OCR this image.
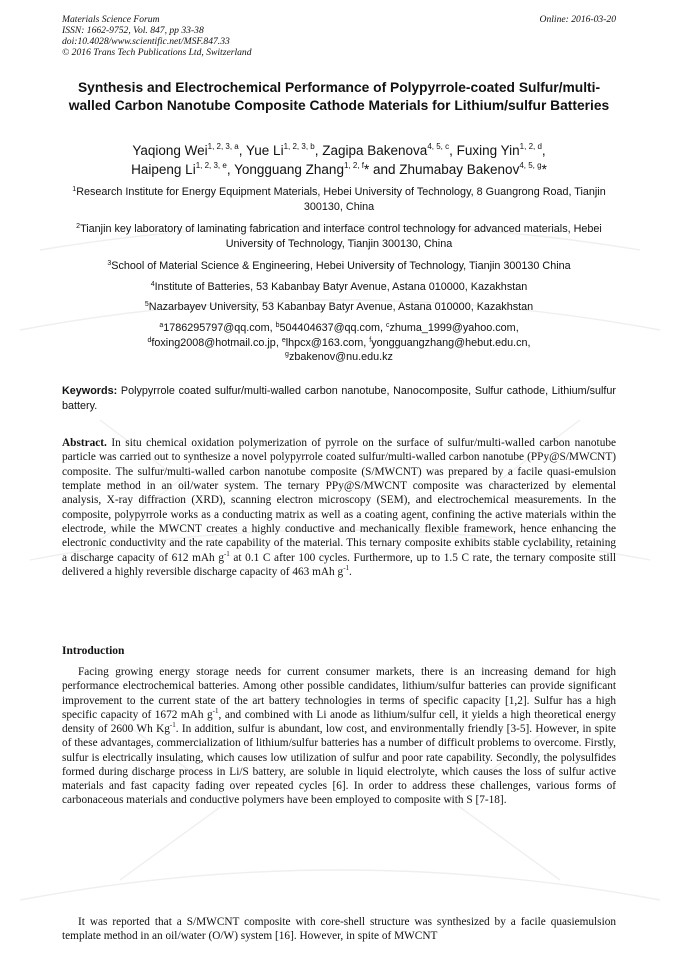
Materials Science Forum
ISSN: 1662-9752, Vol. 847, pp 33-38
doi:10.4028/www.scientific.net/MSF.847.33
© 2016 Trans Tech Publications Ltd, Switzerland
Online: 2016-03-20
Synthesis and Electrochemical Performance of Polypyrrole-coated Sulfur/multi-walled Carbon Nanotube Composite Cathode Materials for Lithium/sulfur Batteries
Yaqiong Wei$^{1, 2, 3, a}$, Yue Li$^{1, 2, 3, b}$, Zagipa Bakenova$^{4, 5, c}$, Fuxing Yin$^{1, 2, d}$,
Haipeng Li$^{1, 2, 3, e}$, Yongguang Zhang$^{1, 2, f}$* and Zhumabay Bakenov$^{4, 5, g}$*
$^1$Research Institute for Energy Equipment Materials, Hebei University of Technology, 8 Guangrong Road, Tianjin 300130, China
$^2$Tianjin key laboratory of laminating fabrication and interface control technology for advanced materials, Hebei University of Technology, Tianjin 300130, China
$^3$School of Material Science & Engineering, Hebei University of Technology, Tianjin 300130 China
$^4$Institute of Batteries, 53 Kabanbay Batyr Avenue, Astana 010000, Kazakhstan
$^5$Nazarbayev University, 53 Kabanbay Batyr Avenue, Astana 010000, Kazakhstan
$^a$1786295797@qq.com, $^b$504404637@qq.com, $^c$zhuma_1999@yahoo.com,
$^d$foxing2008@hotmail.co.jp, $^e$lhpcx@163.com, $^f$yongguangzhang@hebut.edu.cn,
$^g$zbakenov@nu.edu.kz
Keywords: Polypyrrole coated sulfur/multi-walled carbon nanotube, Nanocomposite, Sulfur cathode, Lithium/sulfur battery.
Abstract. In situ chemical oxidation polymerization of pyrrole on the surface of sulfur/multi-walled carbon nanotube particle was carried out to synthesize a novel polypyrrole coated sulfur/multi-walled carbon nanotube (PPy@S/MWCNT) composite. The sulfur/multi-walled carbon nanotube composite (S/MWCNT) was prepared by a facile quasi-emulsion template method in an oil/water system. The ternary PPy@S/MWCNT composite was characterized by elemental analysis, X-ray diffraction (XRD), scanning electron microscopy (SEM), and electrochemical measurements. In the composite, polypyrrole works as a conducting matrix as well as a coating agent, confining the active materials within the electrode, while the MWCNT creates a highly conductive and mechanically flexible framework, hence enhancing the electronic conductivity and the rate capability of the material. This ternary composite exhibits stable cyclability, retaining a discharge capacity of 612 mAh $g^{-1}$ at 0.1 C after 100 cycles. Furthermore, up to 1.5 C rate, the ternary composite still delivered a highly reversible discharge capacity of 463 mAh $g^{-1}$.
Introduction

Facing growing energy storage needs for current consumer markets, there is an increasing demand for high performance electrochemical batteries. Among other possible candidates, lithium/sulfur batteries can provide significant improvement to the current state of the art battery technologies in terms of specific capacity [1,2]. Sulfur has a high specific capacity of 1672 mAh $g^{-1}$, and combined with Li anode as lithium/sulfur cell, it yields a high theoretical energy density of 2600 Wh $Kg^{-1}$. In addition, sulfur is abundant, low cost, and environmentally friendly [3-5]. However, in spite of these advantages, commercialization of lithium/sulfur batteries has a number of difficult problems to overcome. Firstly, sulfur is electrically insulating, which causes low utilization of sulfur and poor rate capability. Secondly, the polysulfides formed during discharge process in Li/S battery, are soluble in liquid electrolyte, which causes the loss of sulfur active materials and fast capacity fading over repeated cycles [6]. In order to address these challenges, various forms of carbonaceous materials and conductive polymers have been employed to composite with S [7-18].

It was reported that a S/MWCNT composite with core-shell structure was synthesized by a facile quasiemulsion template method in an oil/water (O/W) system [16]. However, in spite of MWCNT
